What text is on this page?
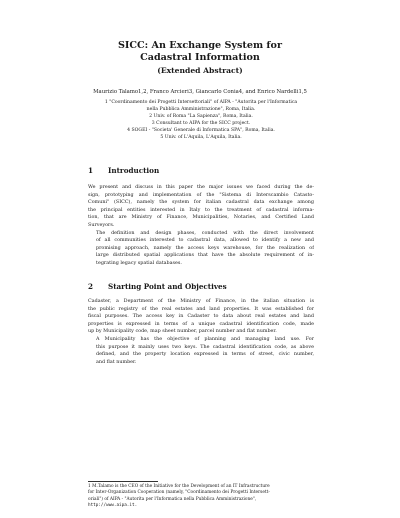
SICC: An Exchange System for
Cadastral Information
(Extended Abstract)
Maurizio Talamo1,2, Franco Arcieri3, Giancarlo Conia4, and Enrico Nardelli1,5
1 "Coordinamento dei Progetti Intersettoriali" of AIPA - "Autorita per l'Informatica
nella Pubblica Amministrazione", Roma, Italia.
2 Univ. of Roma "La Sapienza", Roma, Italia.
3 Consultant to AIPA for the SICC project.
4 SOGEI - "Societa' Generale di Informatica SPA", Roma, Italia.
5 Univ. of L'Aquila, L'Aquila, Italia.
1 Introduction

We present and discuss in this paper the major issues we faced during the de-
sign, prototyping and implementation of the "Sistema di Interscambio Catasto-
Comuni" (SICC), namely the system for italian cadastral data exchange among
the principal entities interested in Italy to the treatment of cadastral informa-
tion, that are Ministry of Finance, Municipalities, Notaries, and Certified Land
Surveyors.

The definition and design phases, conducted with the direct involvement
of all communities interested to cadastral data, allowed to identify a new and
promising approach, namely the access keys warehouse, for the realization of
large distributed spatial applications that have the absolute requirement of in-
tegrating legacy spatial databases.

2 Starting Point and Objectives

Cadaster, a Department of the Ministry of Finance, in the italian situation is
the public registry of the real estates and land properties. It was established for
fiscal purposes. The access key in Cadaster to data about real estates and land
properties is expressed in terms of a unique cadastral identification code, made
up by Municipality code, map sheet number, parcel number and flat number.

A Municipality has the objective of planning and managing land use. For
this purpose it mainly uses two keys. The cadastral identification code, as above
defined, and the property location expressed in terms of street, civic number,
and flat number.

1 M.Talamo is the CEO of the Initiative for the Development of an IT Infrastructure
for Inter-Organization Cooperation (namely, "Coordinamento dei Progetti Intersett-
oriali") of AIPA - "Autorita per l'Informatica nella Pubblica Amministrazione",
http://www.aipa.it.
